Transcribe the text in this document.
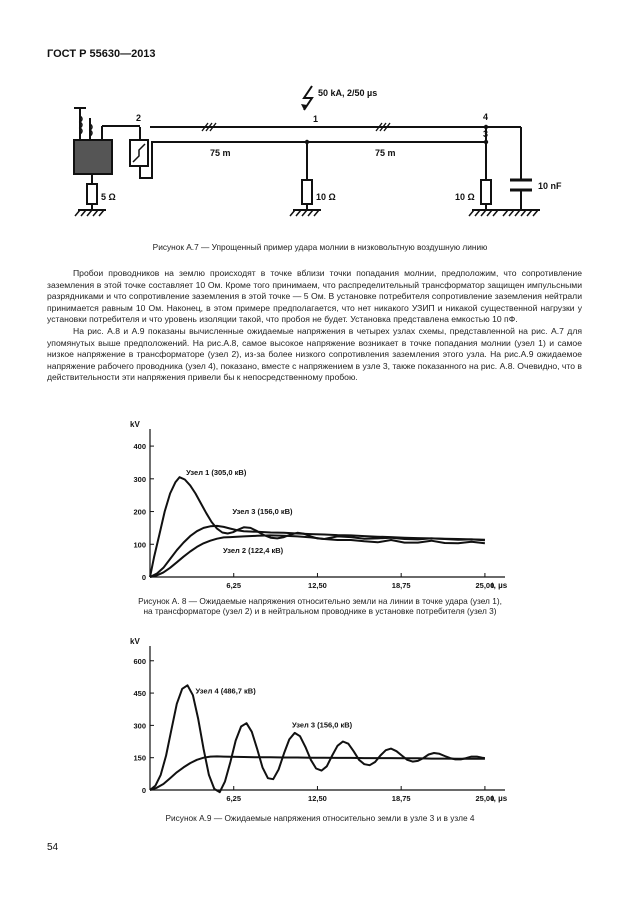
ГОСТ Р 55630—2013
50 kA, 2/50 µs
1
2	4
3
75 m	75 m
5 Ω	10 Ω	10 Ω
10 nF
Рисунок А.7 — Упрощенный пример удара молнии в низковольтную воздушную линию

Пробои проводников на землю происходят в точке вблизи точки попадания молнии, предположим, что сопротивление заземления в этой точке составляет 10 Ом. Кроме того принимаем, что распределительный трансформатор защищен импульсными разрядниками и что сопротивление заземления в этой точке — 5 Ом. В установке потребителя сопротивление заземления нейтрали принимается равным 10 Ом. Наконец, в этом примере предполагается, что нет никакого УЗИП и никакой существенной нагрузки у установки потребителя и что уровень изоляции такой, что пробоя не будет. Установка представлена емкостью 10 пФ.

На рис. А.8 и А.9 показаны вычисленные ожидаемые напряжения в четырех узлах схемы, представленной на рис. А.7 для упомянутых выше предположений. На рис.А.8, самое высокое напряжение возникает в точке попадания молнии (узел 1) и самое низкое напряжение в трансформаторе (узел 2), из-за более низкого сопротивления заземления этого узла. На рис.А.9 ожидаемое напряжение рабочего проводника (узел 4), показано, вместе с напряжением в узле 3, также показанного на рис. А.8. Очевидно, что в действительности эти напряжения привели бы к непосредственному пробою.

0
100
200
300
400
6,25	12,50	18,75	25,00
kV
t, µs
Узел 1 (305,0 кВ)
Узел 3 (156,0 кВ)
Узел 2 (122,4 кВ)
Рисунок А. 8 — Ожидаемые напряжения относительно земли на линии в точке удара (узел 1),
на трансформаторе (узел 2) и в нейтральном проводнике в установке потребителя (узел 3)
0
150
300
450
600
6,25	12,50	18,75	25,00
kV
t, µs
Узел 4 (486,7 кВ)
Узел 3 (156,0 кВ)
Рисунок А.9 — Ожидаемые напряжения относительно земли в узле 3 и в узле 4
54
